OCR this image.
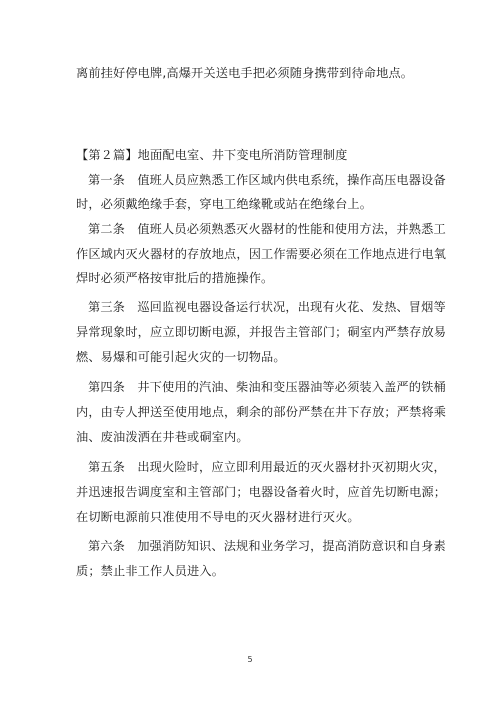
离前挂好停电牌,高爆开关送电手把必须随身携带到待命地点。
【第２篇】地面配电室、井下变电所消防管理制度
第一条　值班人员应熟悉工作区域内供电系统，操作高压电器设备
时，必须戴绝缘手套，穿电工绝缘靴或站在绝缘台上。
第二条　值班人员必须熟悉灭火器材的性能和使用方法，并熟悉工
作区域内灭火器材的存放地点，因工作需要必须在工作地点进行电氧
焊时必须严格按审批后的措施操作。
第三条　巡回监视电器设备运行状况，出现有火花、发热、冒烟等
异常现象时，应立即切断电源，并报告主管部门；硐室内严禁存放易
燃、易爆和可能引起火灾的一切物品。
第四条　井下使用的汽油、柴油和变压器油等必须装入盖严的铁桶
内，由专人押送至使用地点，剩余的部份严禁在井下存放；严禁将乘
油、废油泼洒在井巷或硐室内。
第五条　出现火险时，应立即利用最近的灭火器材扑灭初期火灾，
并迅速报告调度室和主管部门；电器设备着火时，应首先切断电源；
在切断电源前只准使用不导电的灭火器材进行灭火。
第六条　加强消防知识、法规和业务学习，提高消防意识和自身素
质；禁止非工作人员进入。
5
